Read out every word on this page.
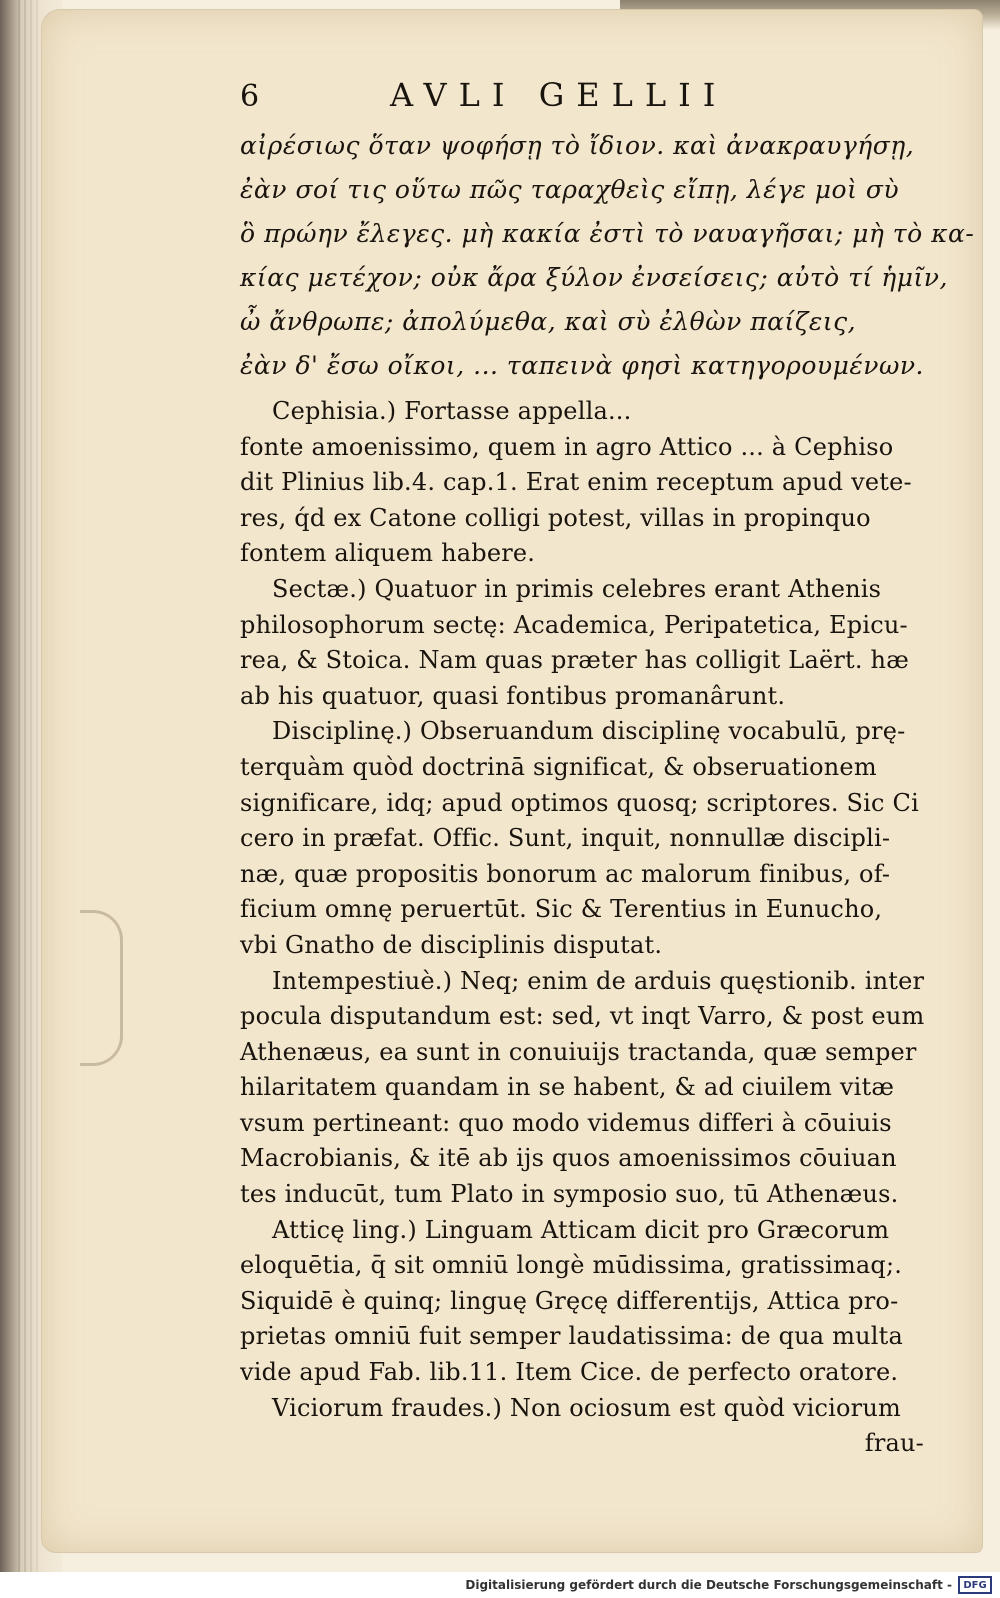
6	AVLI GELLII
αἰρέσιως ὅταν ψοφήσῃ τὸ ἴδιον. καὶ ἀνακραυγήσῃ,
ἐὰν σοί τις οὕτω πῶς ταραχθεὶς εἴπῃ, λέγε μοὶ σὺ
ὃ πρώην ἔλεγες. μὴ κακία ἐστὶ τὸ ναυαγῆσαι; μὴ τὸ κα-
κίας μετέχον; οὐκ ἄρα ξύλον ἐνσείσεις; αὐτὸ τί ἡμῖν,
ὦ ἄνθρωπε; ἀπολύμεθα, καὶ σὺ ἐλθὼν παίζεις,
ἐὰν δ' ἔσω οἴκοι, ... ταπεινὰ φησὶ κατηγορουμένων.
Cephisia.) Fortasse appella...
fonte amoenissimo, quem in agro Attico ... à Cephiso
dit Plinius lib.4. cap.1. Erat enim receptum apud vete-
res, q́d ex Catone colligi potest, villas in propinquo
fontem aliquem habere.
Sectæ.) Quatuor in primis celebres erant Athenis
philosophorum sectę: Academica, Peripatetica, Epicu-
rea, & Stoica. Nam quas præter has colligit Laërt. hæ
ab his quatuor, quasi fontibus promanârunt.
Disciplinę.) Obseruandum disciplinę vocabulū, prę-
terquàm quòd doctrinā significat, & obseruationem
significare, idq; apud optimos quosq; scriptores. Sic Ci
cero in præfat. Offic. Sunt, inquit, nonnullæ discipli-
næ, quæ propositis bonorum ac malorum finibus, of-
ficium omnę peruertūt. Sic & Terentius in Eunucho,
vbi Gnatho de disciplinis disputat.
Intempestiuè.) Neq; enim de arduis quęstionib. inter
pocula disputandum est: sed, vt inqt Varro, & post eum
Athenæus, ea sunt in conuiuijs tractanda, quæ semper
hilaritatem quandam in se habent, & ad ciuilem vitæ
vsum pertineant: quo modo videmus differi à cōuiuis
Macrobianis, & itē ab ijs quos amoenissimos cōuiuan
tes inducūt, tum Plato in symposio suo, tū Athenæus.
Atticę ling.) Linguam Atticam dicit pro Græcorum
eloquētia, q̄ sit omniū longè mūdissima, gratissimaq;.
Siquidē è quinq; linguę Gręcę differentijs, Attica pro-
prietas omniū fuit semper laudatissima: de qua multa
vide apud Fab. lib.11. Item Cice. de perfecto oratore.
Viciorum fraudes.) Non ociosum est quòd viciorum
frau-
Digitalisierung gefördert durch die Deutsche Forschungsgemeinschaft -	DFG
